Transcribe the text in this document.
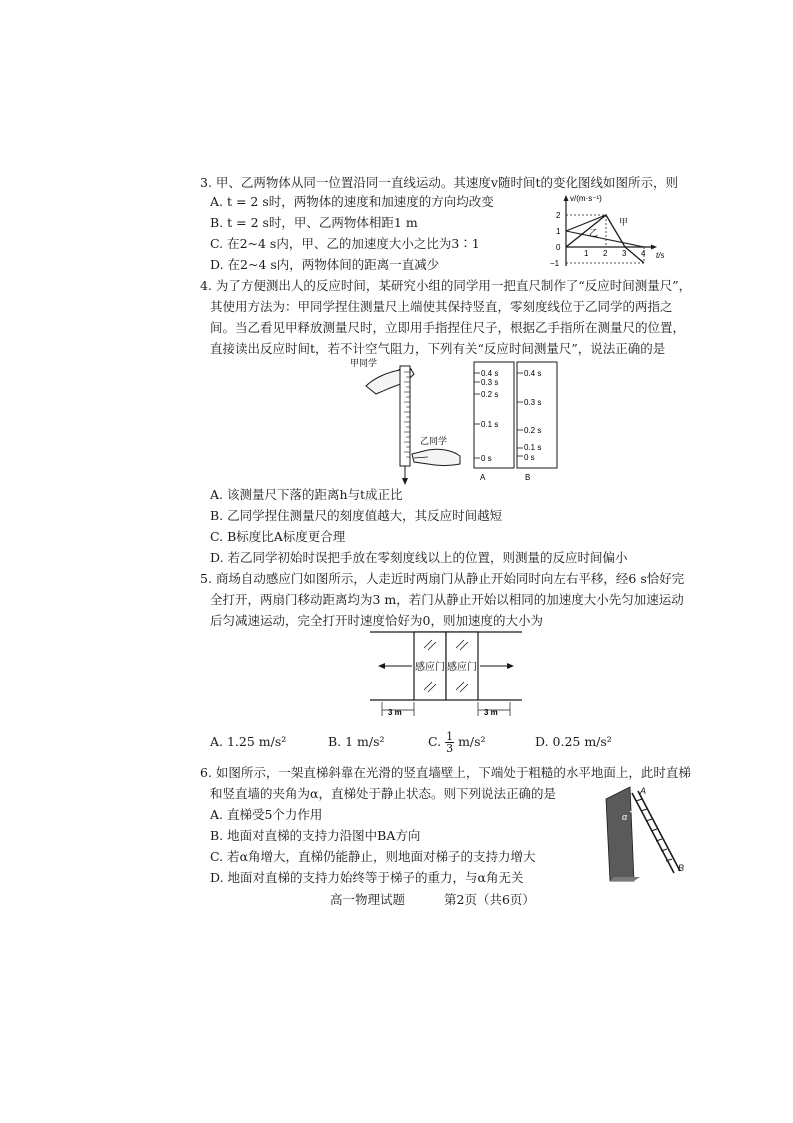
3. 甲、乙两物体从同一位置沿同一直线运动。其速度v随时间t的变化图线如图所示，则
A. t = 2 s时，两物体的速度和加速度的方向均改变
B. t = 2 s时，甲、乙两物体相距1 m
C. 在2~4 s内，甲、乙的加速度大小之比为3∶1
D. 在2~4 s内，两物体间的距离一直减少
v/(m·s⁻¹)
t/s
2
1
0
−1
1 2 3 4
甲
乙
4. 为了方便测出人的反应时间，某研究小组的同学用一把直尺制作了“反应时间测量尺”，
其使用方法为：甲同学捏住测量尺上端使其保持竖直，零刻度线位于乙同学的两指之
间。当乙看见甲释放测量尺时，立即用手指捏住尺子，根据乙手指所在测量尺的位置，
直接读出反应时间t，若不计空气阻力，下列有关“反应时间测量尺”，说法正确的是
甲同学
乙同学
0.4 s
0.3 s
0.2 s
0.1 s
0 s
A
0.4 s
0.3 s
0.2 s
0.1 s
0 s
B
A. 该测量尺下落的距离h与t成正比
B. 乙同学捏住测量尺的刻度值越大，其反应时间越短
C. B标度比A标度更合理
D. 若乙同学初始时误把手放在零刻度线以上的位置，则测量的反应时间偏小
5. 商场自动感应门如图所示，人走近时两扇门从静止开始同时向左右平移，经6 s恰好完
全打开，两扇门移动距离均为3 m，若门从静止开始以相同的加速度大小先匀加速运动
后匀减速运动，完全打开时速度恰好为0，则加速度的大小为
感应门 感应门
3 m	3 m
A. 1.25 m/s²	B. 1 m/s²	C. $\frac{1}{3} m/s^2$	D. 0.25 m/s²
6. 如图所示，一架直梯斜靠在光滑的竖直墙壁上，下端处于粗糙的水平地面上，此时直梯
和竖直墙的夹角为α，直梯处于静止状态。则下列说法正确的是
A. 直梯受5个力作用
B. 地面对直梯的支持力沿图中BA方向
C. 若α角增大，直梯仍能静止，则地面对梯子的支持力增大
D. 地面对直梯的支持力始终等于梯子的重力，与α角无关
A
B
α
高一物理试题	第2页（共6页）
